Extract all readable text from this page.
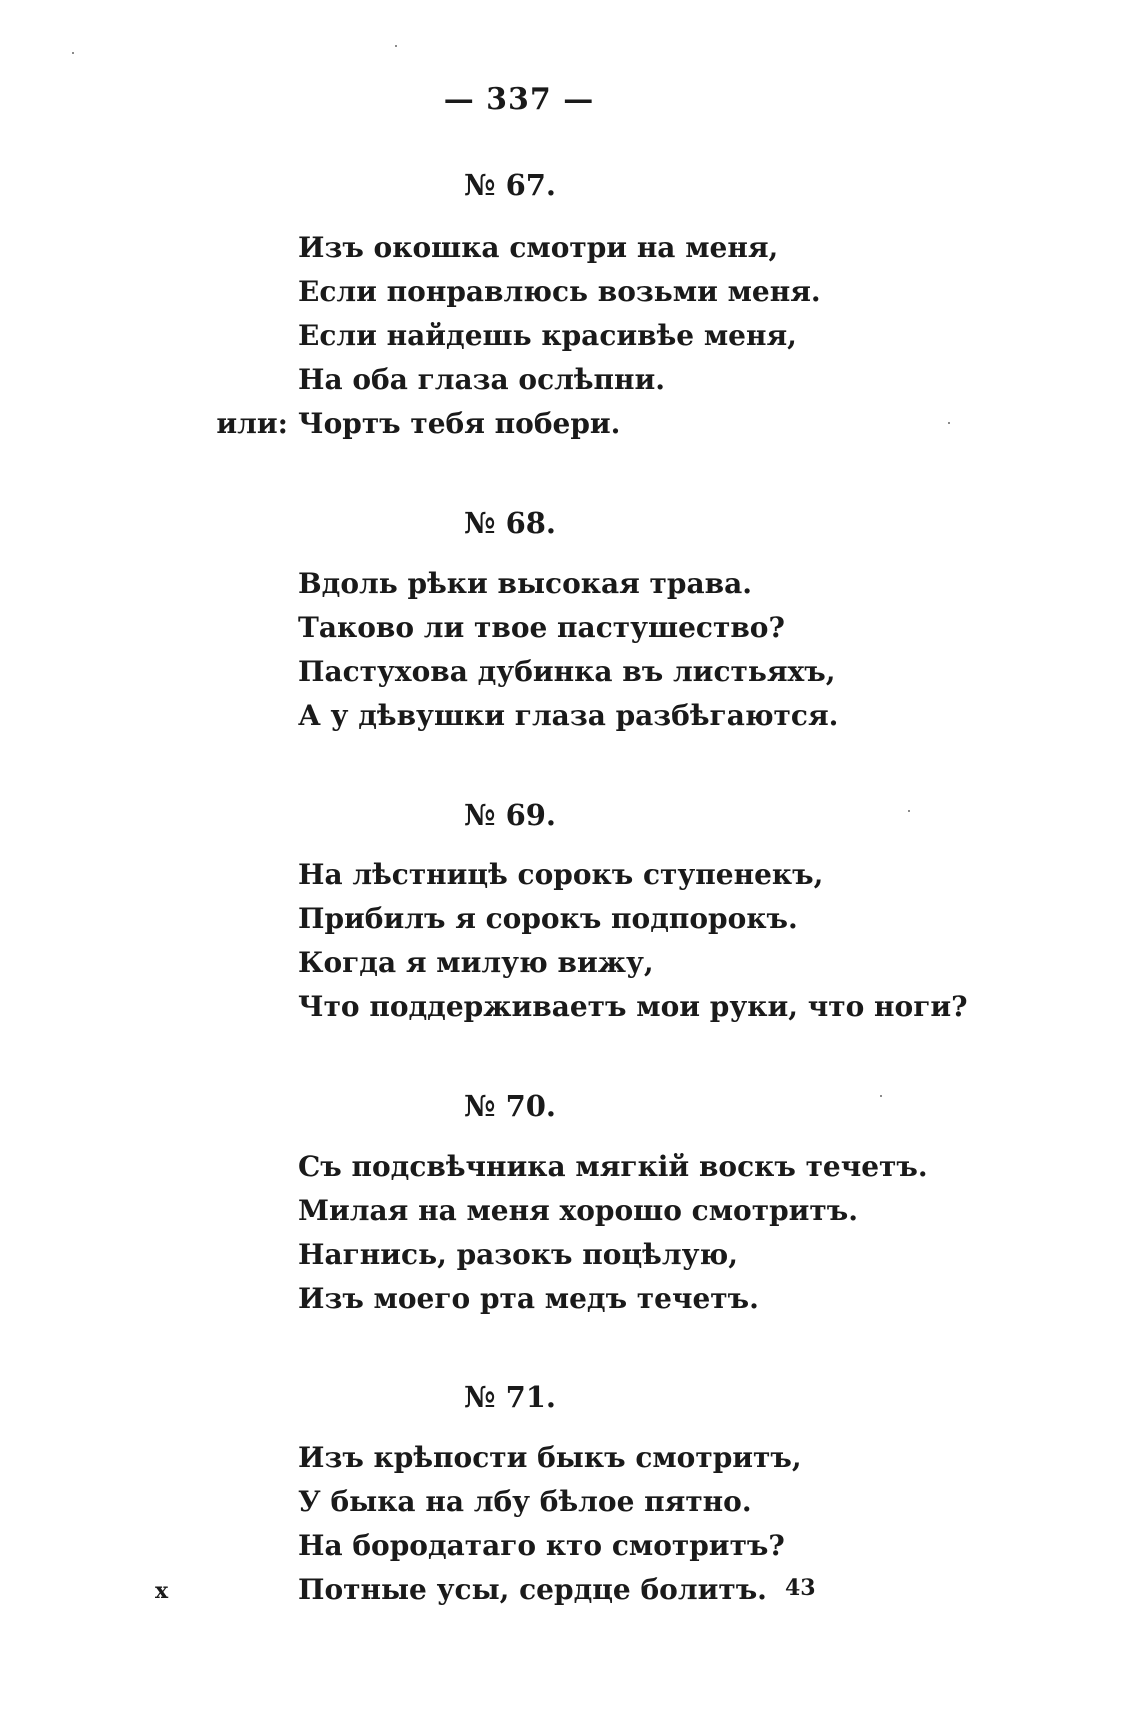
— 337 —
№ 67.
Изъ окошка смотри на меня,
Если понравлюсь возьми меня.
Если найдешь красивѣе меня,
На оба глаза ослѣпни.
или: Чортъ тебя побери.
№ 68.
Вдоль рѣки высокая трава.
Таково ли твое пастушество?
Пастухова дубинка въ листьяхъ,
А у дѣвушки глаза разбѣгаются.
№ 69.
На лѣстницѣ сорокъ ступенекъ,
Прибилъ я сорокъ подпорокъ.
Когда я милую вижу,
Что поддерживаетъ мои руки, что ноги?
№ 70.
Съ подсвѣчника мягкій воскъ течетъ.
Милая на меня хорошо смотритъ.
Нагнись, разокъ поцѣлую,
Изъ моего рта медъ течетъ.
№ 71.
Изъ крѣпости быкъ смотритъ,
У быка на лбу бѣлое пятно.
На бородатаго кто смотритъ?
Потные усы, сердце болитъ.
x	43
